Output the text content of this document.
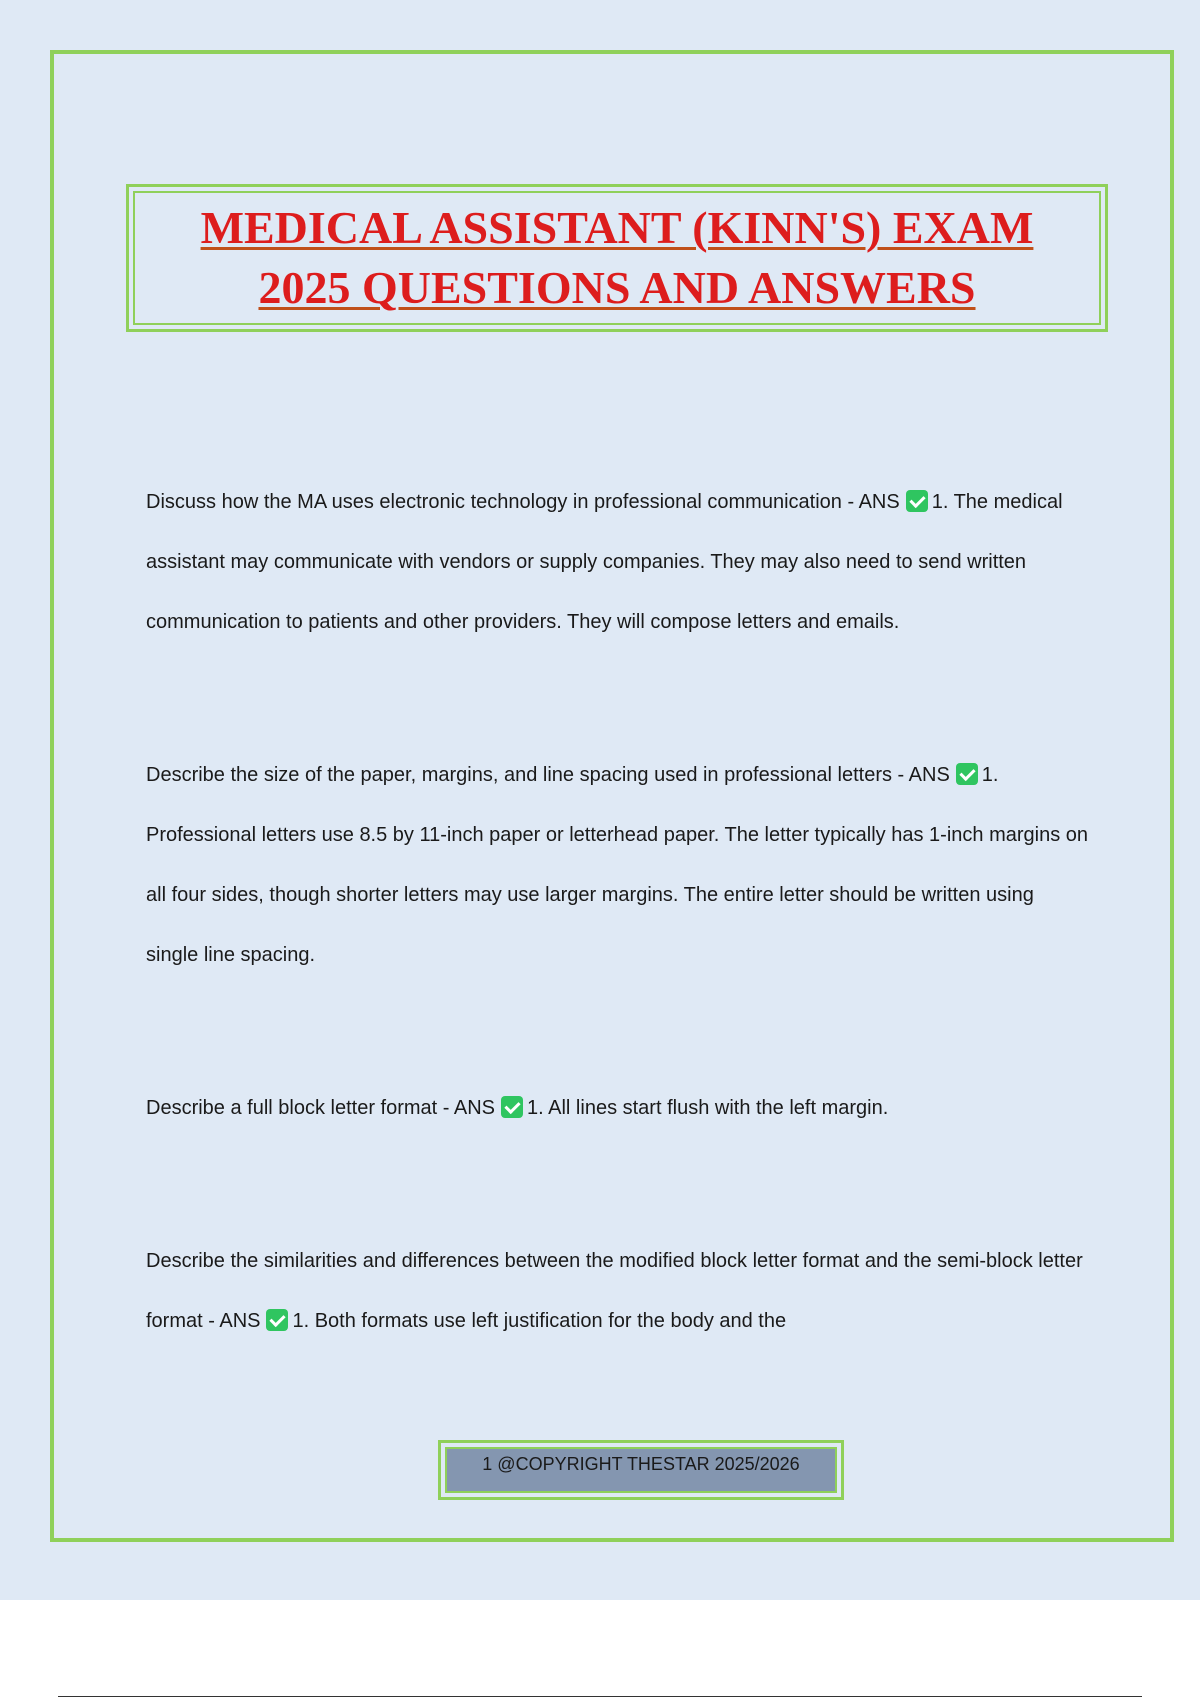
MEDICAL ASSISTANT (KINN'S) EXAM
2025 QUESTIONS AND ANSWERS

Discuss how the MA uses electronic technology in professional communication - ANS 1. The medical assistant may communicate with vendors or supply companies. They may also need to send written communication to patients and other providers. They will compose letters and emails.

Describe the size of the paper, margins, and line spacing used in professional letters - ANS 1. Professional letters use 8.5 by 11-inch paper or letterhead paper. The letter typically has 1-inch margins on all four sides, though shorter letters may use larger margins. The entire letter should be written using single line spacing.

Describe a full block letter format - ANS 1. All lines start flush with the left margin.

Describe the similarities and differences between the modified block letter format and the semi-block letter format - ANS 1. Both formats use left justification for the body and the

1 @COPYRIGHT THESTAR 2025/2026
